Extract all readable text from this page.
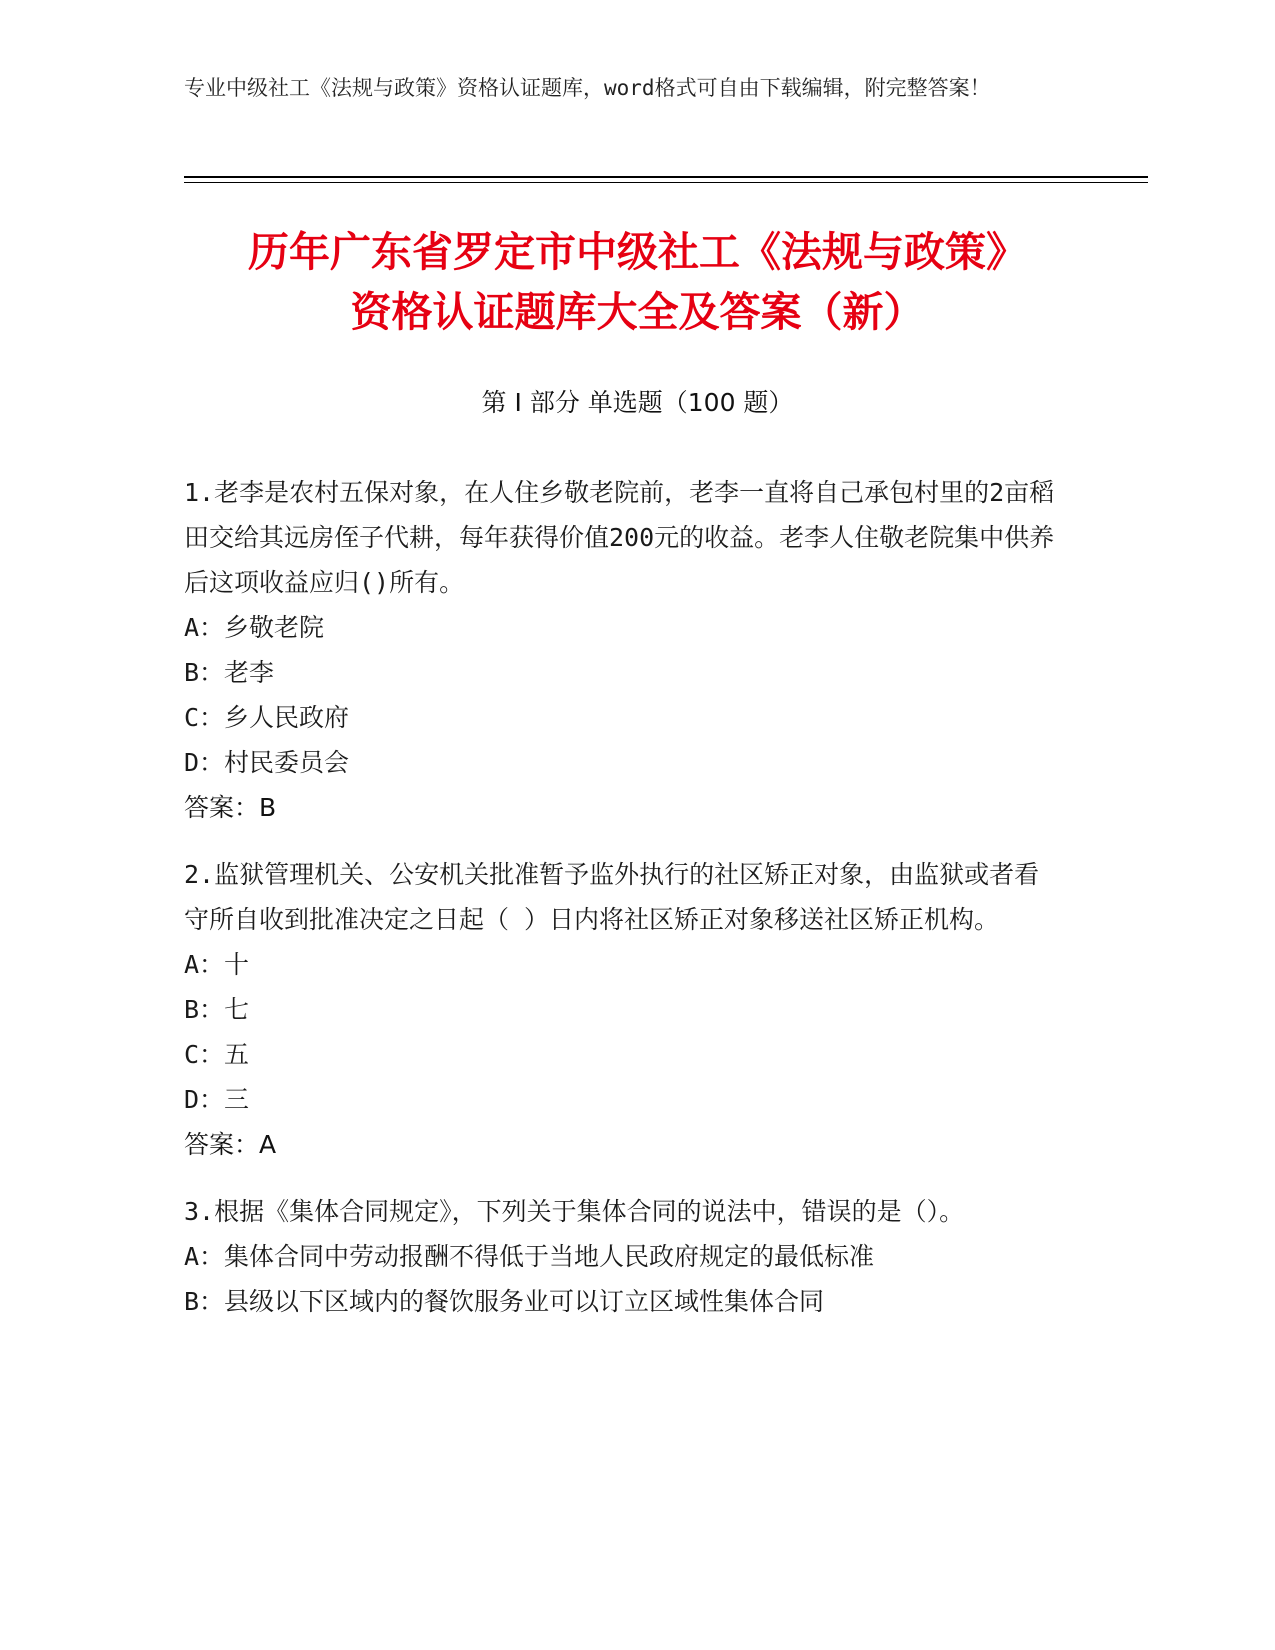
专业中级社工《法规与政策》资格认证题库，word格式可自由下载编辑，附完整答案！
历年广东省罗定市中级社工《法规与政策》
资格认证题库大全及答案（新）
第 I 部分 单选题（100 题）
1.老李是农村五保对象，在人住乡敬老院前，老李一直将自己承包村里的2亩稻田交给其远房侄子代耕，每年获得价值200元的收益。老李人住敬老院集中供养后这项收益应归()所有。
A：乡敬老院
B：老李
C：乡人民政府
D：村民委员会
答案：B
2.监狱管理机关、公安机关批准暂予监外执行的社区矫正对象，由监狱或者看守所自收到批准决定之日起（ ）日内将社区矫正对象移送社区矫正机构。
A：十
B：七
C：五
D：三
答案：A
3.根据《集体合同规定》，下列关于集体合同的说法中，错误的是（）。
A：集体合同中劳动报酬不得低于当地人民政府规定的最低标准
B：县级以下区域内的餐饮服务业可以订立区域性集体合同
